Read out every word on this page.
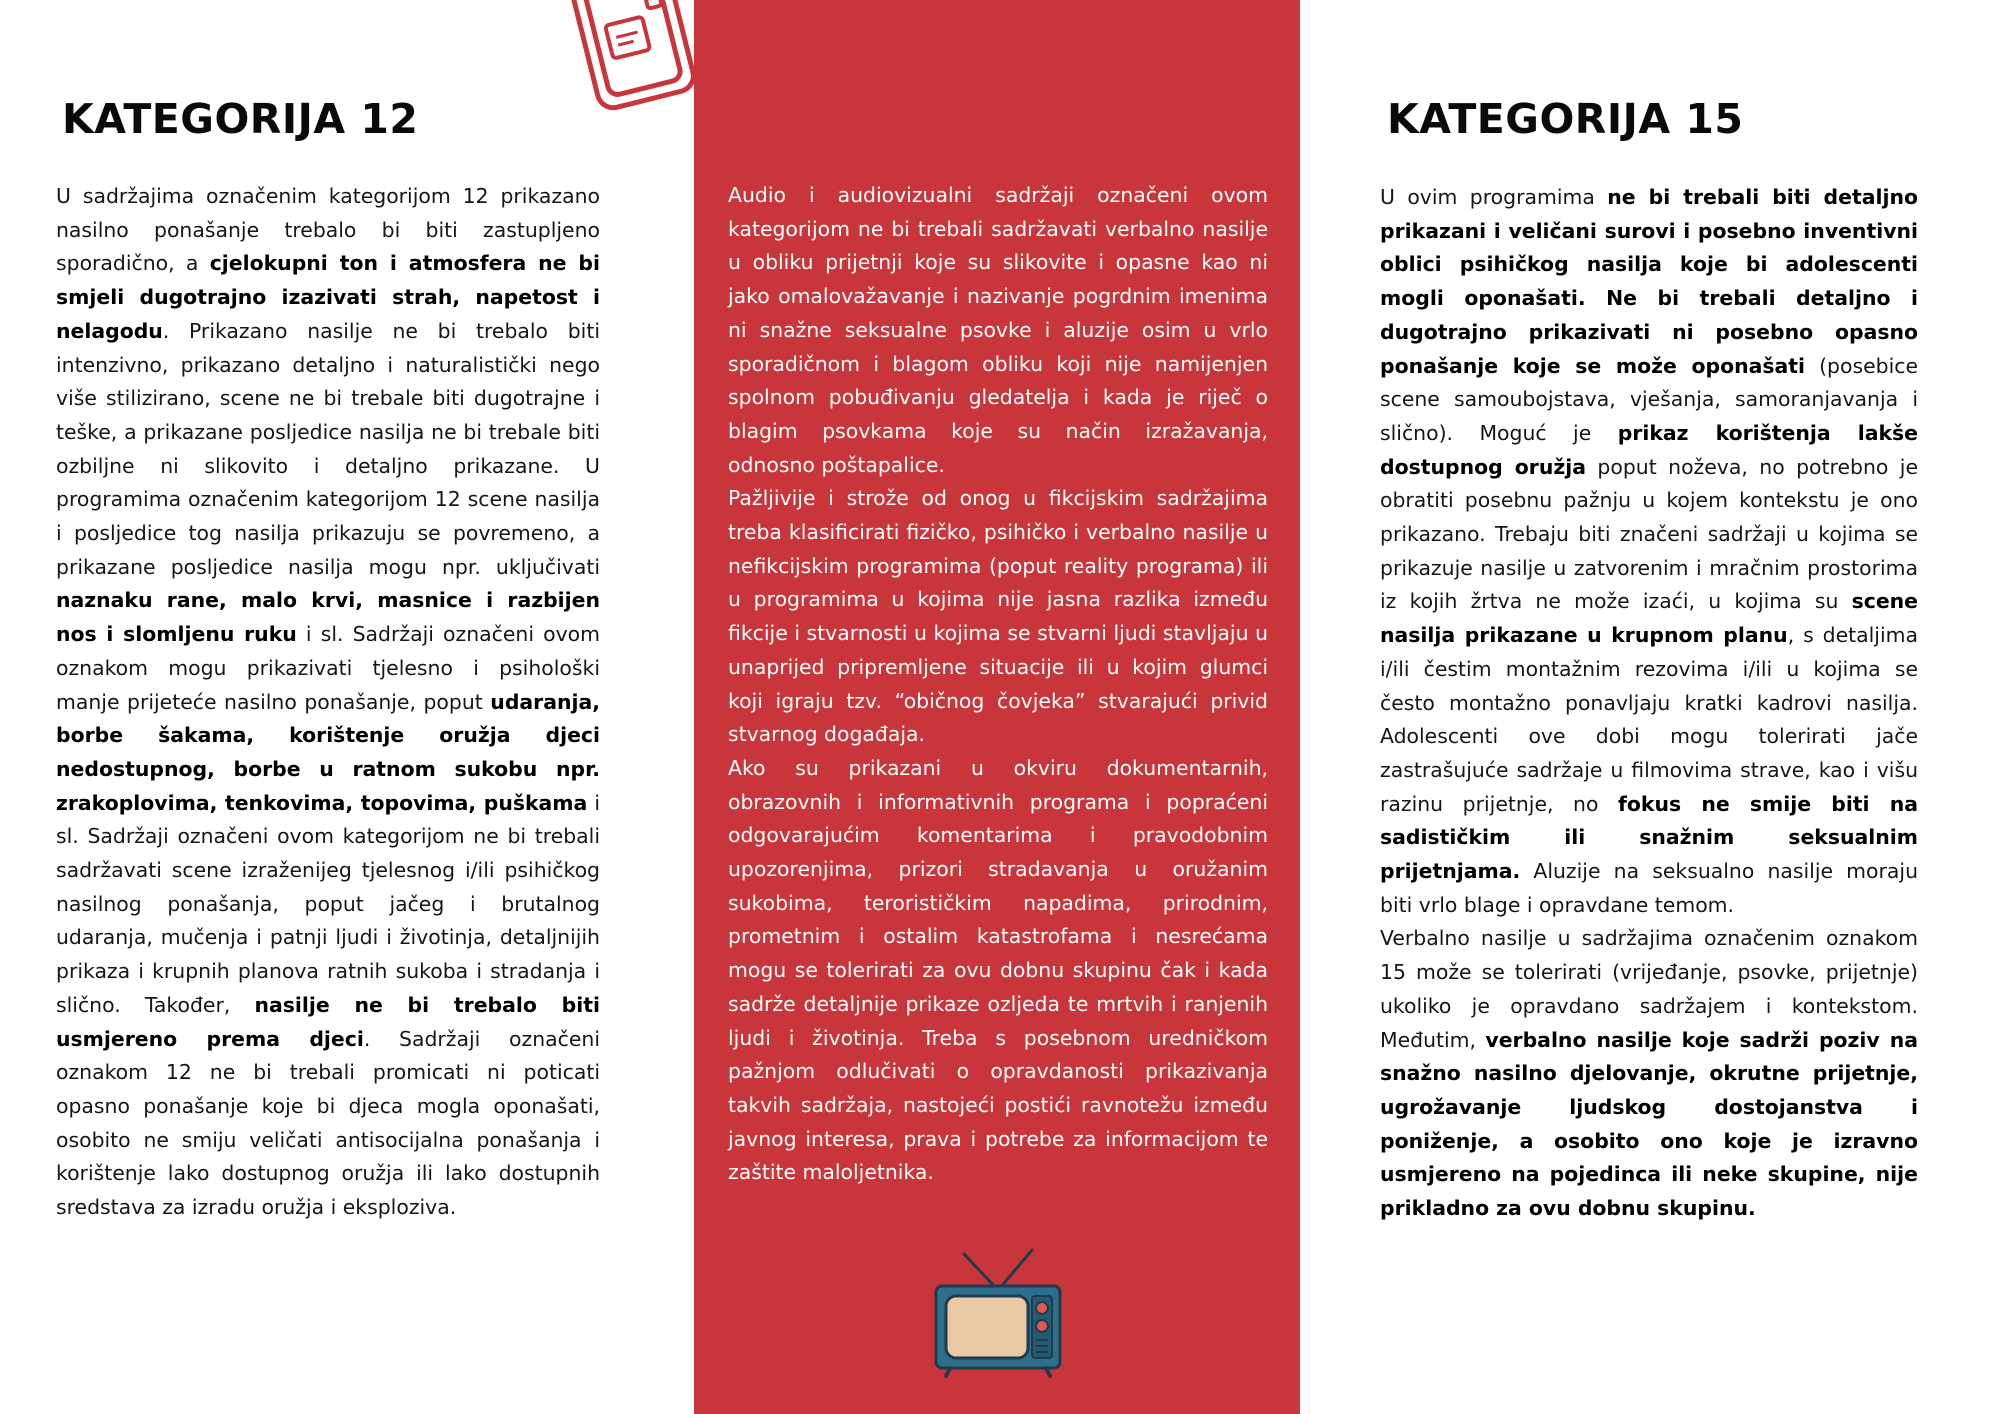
KATEGORIJA 12
U sadržajima označenim kategorijom 12 prikazano nasilno ponašanje trebalo bi biti zastupljeno sporadično, a cjelokupni ton i atmosfera ne bi smjeli dugotrajno izazivati strah, napetost i nelagodu. Prikazano nasilje ne bi trebalo biti intenzivno, prikazano detaljno i naturalistički nego više stilizirano, scene ne bi trebale biti dugotrajne i teške, a prikazane posljedice nasilja ne bi trebale biti ozbiljne ni slikovito i detaljno prikazane. U programima označenim kategorijom 12 scene nasilja i posljedice tog nasilja prikazuju se povremeno, a prikazane posljedice nasilja mogu npr. uključivati naznaku rane, malo krvi, masnice i razbijen nos i slomljenu ruku i sl. Sadržaji označeni ovom oznakom mogu prikazivati tjelesno i psihološki manje prijeteće nasilno ponašanje, poput udaranja, borbe šakama, korištenje oružja djeci nedostupnog, borbe u ratnom sukobu npr. zrakoplovima, tenkovima, topovima, puškama i sl. Sadržaji označeni ovom kategorijom ne bi trebali sadržavati scene izraženijeg tjelesnog i/ili psihičkog nasilnog ponašanja, poput jačeg i brutalnog udaranja, mučenja i patnji ljudi i životinja, detaljnijih prikaza i krupnih planova ratnih sukoba i stradanja i slično. Također, nasilje ne bi trebalo biti usmjereno prema djeci. Sadržaji označeni oznakom 12 ne bi trebali promicati ni poticati opasno ponašanje koje bi djeca mogla oponašati, osobito ne smiju veličati antisocijalna ponašanja i korištenje lako dostupnog oružja ili lako dostupnih sredstava za izradu oružja i eksploziva.

Audio i audiovizualni sadržaji označeni ovom kategorijom ne bi trebali sadržavati verbalno nasilje u obliku prijetnji koje su slikovite i opasne kao ni jako omalovažavanje i nazivanje pogrdnim imenima ni snažne seksualne psovke i aluzije osim u vrlo sporadičnom i blagom obliku koji nije namijenjen spolnom pobuđivanju gledatelja i kada je riječ o blagim psovkama koje su način izražavanja, odnosno poštapalice.

Pažljivije i strože od onog u fikcijskim sadržajima treba klasificirati fizičko, psihičko i verbalno nasilje u nefikcijskim programima (poput reality programa) ili u programima u kojima nije jasna razlika između fikcije i stvarnosti u kojima se stvarni ljudi stavljaju u unaprijed pripremljene situacije ili u kojim glumci koji igraju tzv. “običnog čovjeka” stvarajući privid stvarnog događaja.

Ako su prikazani u okviru dokumentarnih, obrazovnih i informativnih programa i popraćeni odgovarajućim komentarima i pravodobnim upozorenjima, prizori stradavanja u oružanim sukobima, terorističkim napadima, prirodnim, prometnim i ostalim katastrofama i nesrećama mogu se tolerirati za ovu dobnu skupinu čak i kada sadrže detaljnije prikaze ozljeda te mrtvih i ranjenih ljudi i životinja. Treba s posebnom uredničkom pažnjom odlučivati o opravdanosti prikazivanja takvih sadržaja, nastojeći postići ravnotežu između javnog interesa, prava i potrebe za informacijom te zaštite maloljetnika.

KATEGORIJA 15

U ovim programima ne bi trebali biti detaljno prikazani i veličani surovi i posebno inventivni oblici psihičkog nasilja koje bi adolescenti mogli oponašati. Ne bi trebali detaljno i dugotrajno prikazivati ni posebno opasno ponašanje koje se može oponašati (posebice scene samoubojstava, vješanja, samoranjavanja i slično). Moguć je prikaz korištenja lakše dostupnog oružja poput noževa, no potrebno je obratiti posebnu pažnju u kojem kontekstu je ono prikazano. Trebaju biti značeni sadržaji u kojima se prikazuje nasilje u zatvorenim i mračnim prostorima iz kojih žrtva ne može izaći, u kojima su scene nasilja prikazane u krupnom planu, s detaljima i/ili čestim montažnim rezovima i/ili u kojima se često montažno ponavljaju kratki kadrovi nasilja. Adolescenti ove dobi mogu tolerirati jače zastrašujuće sadržaje u filmovima strave, kao i višu razinu prijetnje, no fokus ne smije biti na sadističkim ili snažnim seksualnim prijetnjama. Aluzije na seksualno nasilje moraju biti vrlo blage i opravdane temom.

Verbalno nasilje u sadržajima označenim oznakom 15 može se tolerirati (vrijeđanje, psovke, prijetnje) ukoliko je opravdano sadržajem i kontekstom. Međutim, verbalno nasilje koje sadrži poziv na snažno nasilno djelovanje, okrutne prijetnje, ugrožavanje ljudskog dostojanstva i poniženje, a osobito ono koje je izravno usmjereno na pojedinca ili neke skupine, nije prikladno za ovu dobnu skupinu.
